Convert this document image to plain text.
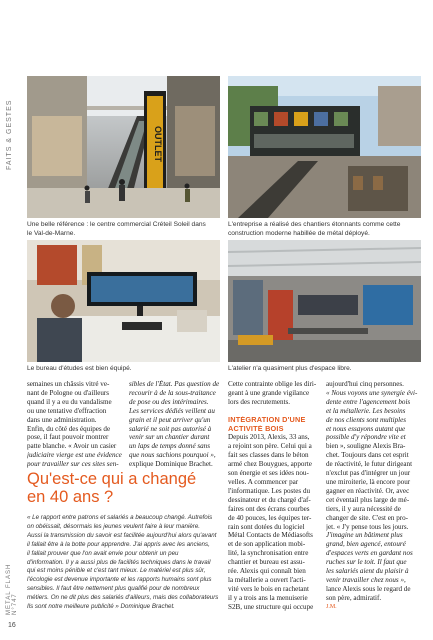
FAITS & GESTES
MÉTAL FLASH N°747
16
OUTLET
Une belle référence : le centre commercial Créteil Soleil dans
le Val-de-Marne.
L'entreprise a réalisé des chantiers étonnants comme cette
construction moderne habillée de métal déployé.
Le bureau d'études est bien équipé.	L'atelier n'a quasiment plus d'espace libre.
semaines un châssis vitré ve-
nant de Pologne ou d'ailleurs
quand il y a eu du vandalisme
ou une tentative d'effraction
dans une administration.
Enfin, du côté des équipes de
pose, il faut pouvoir montrer
patte blanche. « Avoir un casier
judiciaire vierge est une évidence
pour travailler sur ces sites sen-
sibles de l'État. Pas question de
recourir à de la sous-traitance
de pose ou des intérimaires.
Les services dédiés veillent au
grain et il peut arriver qu'un
salarié ne soit pas autorisé à
venir sur un chantier durant
un laps de temps donné sans
que nous sachions pourquoi »,
explique Dominique Brachet.
Qu'est-ce qui a changé
en 40 ans ?
« Le rapport entre patrons et salariés a beaucoup changé. Autrefois
on obéissait, désormais les jeunes veulent faire à leur manière.
Aussi la transmission du savoir est facilitée aujourd'hui alors qu'avant
il fallait être à la botte pour apprendre. J'ai appris avec les anciens,
il fallait prouver que l'on avait envie pour obtenir un peu
d'information. Il y a aussi plus de facilités techniques dans le travail
qui est moins pénible et c'est tant mieux. Le matériel est plus sûr,
l'écologie est devenue importante et les rapports humains sont plus
sensibles. Il faut être nettement plus qualifié pour de nombreux
métiers. On ne dit plus des salariés d'ailleurs, mais des collaborateurs
Ils sont notre meilleure publicité » Dominique Brachet.
Cette contrainte oblige les diri-
geant à une grande vigilance
lors des recrutements.

INTÉGRATION D'UNE
ACTIVITÉ BOIS
Depuis 2013, Alexis, 33 ans,
a rejoint son père. Celui qui a
fait ses classes dans le béton
armé chez Bouygues, apporte
son énergie et ses idées nou-
velles. A commencer par
l'informatique. Les postes du
dessinateur et du chargé d'af-
faires ont des écrans courbes
de 40 pouces, les équipes ter-
rain sont dotées du logiciel
Métal Contacts de Médiasofts
et de son application mobi-
lité, la synchronisation entre
chantier et bureau est assu-
rée. Alexis qui connaît bien
la métallerie a ouvert l'acti-
vité vers le bois en rachetant
il y a trois ans la menuiserie
S2B, une structure qui occupe
aujourd'hui cinq personnes.
« Nous voyons une synergie évi-
dente entre l'agencement bois
et la métallerie. Les besoins
de nos clients sont multiples
et nous essayons autant que
possible d'y répondre vite et
bien », souligne Alexis Bra-
chet. Toujours dans cet esprit
de réactivité, le futur dirigeant
n'exclut pas d'intégrer un jour
une miroiterie, là encore pour
gagner en réactivité. Or, avec
cet éventail plus large de mé-
tiers, il y aura nécessité de
changer de site. C'est en pro-
jet. « J'y pense tous les jours.
J'imagine un bâtiment plus
grand, bien agencé, entouré
d'espaces verts en gardant nos
ruches sur le toit. Il faut que
les salariés aient du plaisir à
venir travailler chez nous »,
lance Alexis sous le regard de
son père, admiratif.
J.M.
